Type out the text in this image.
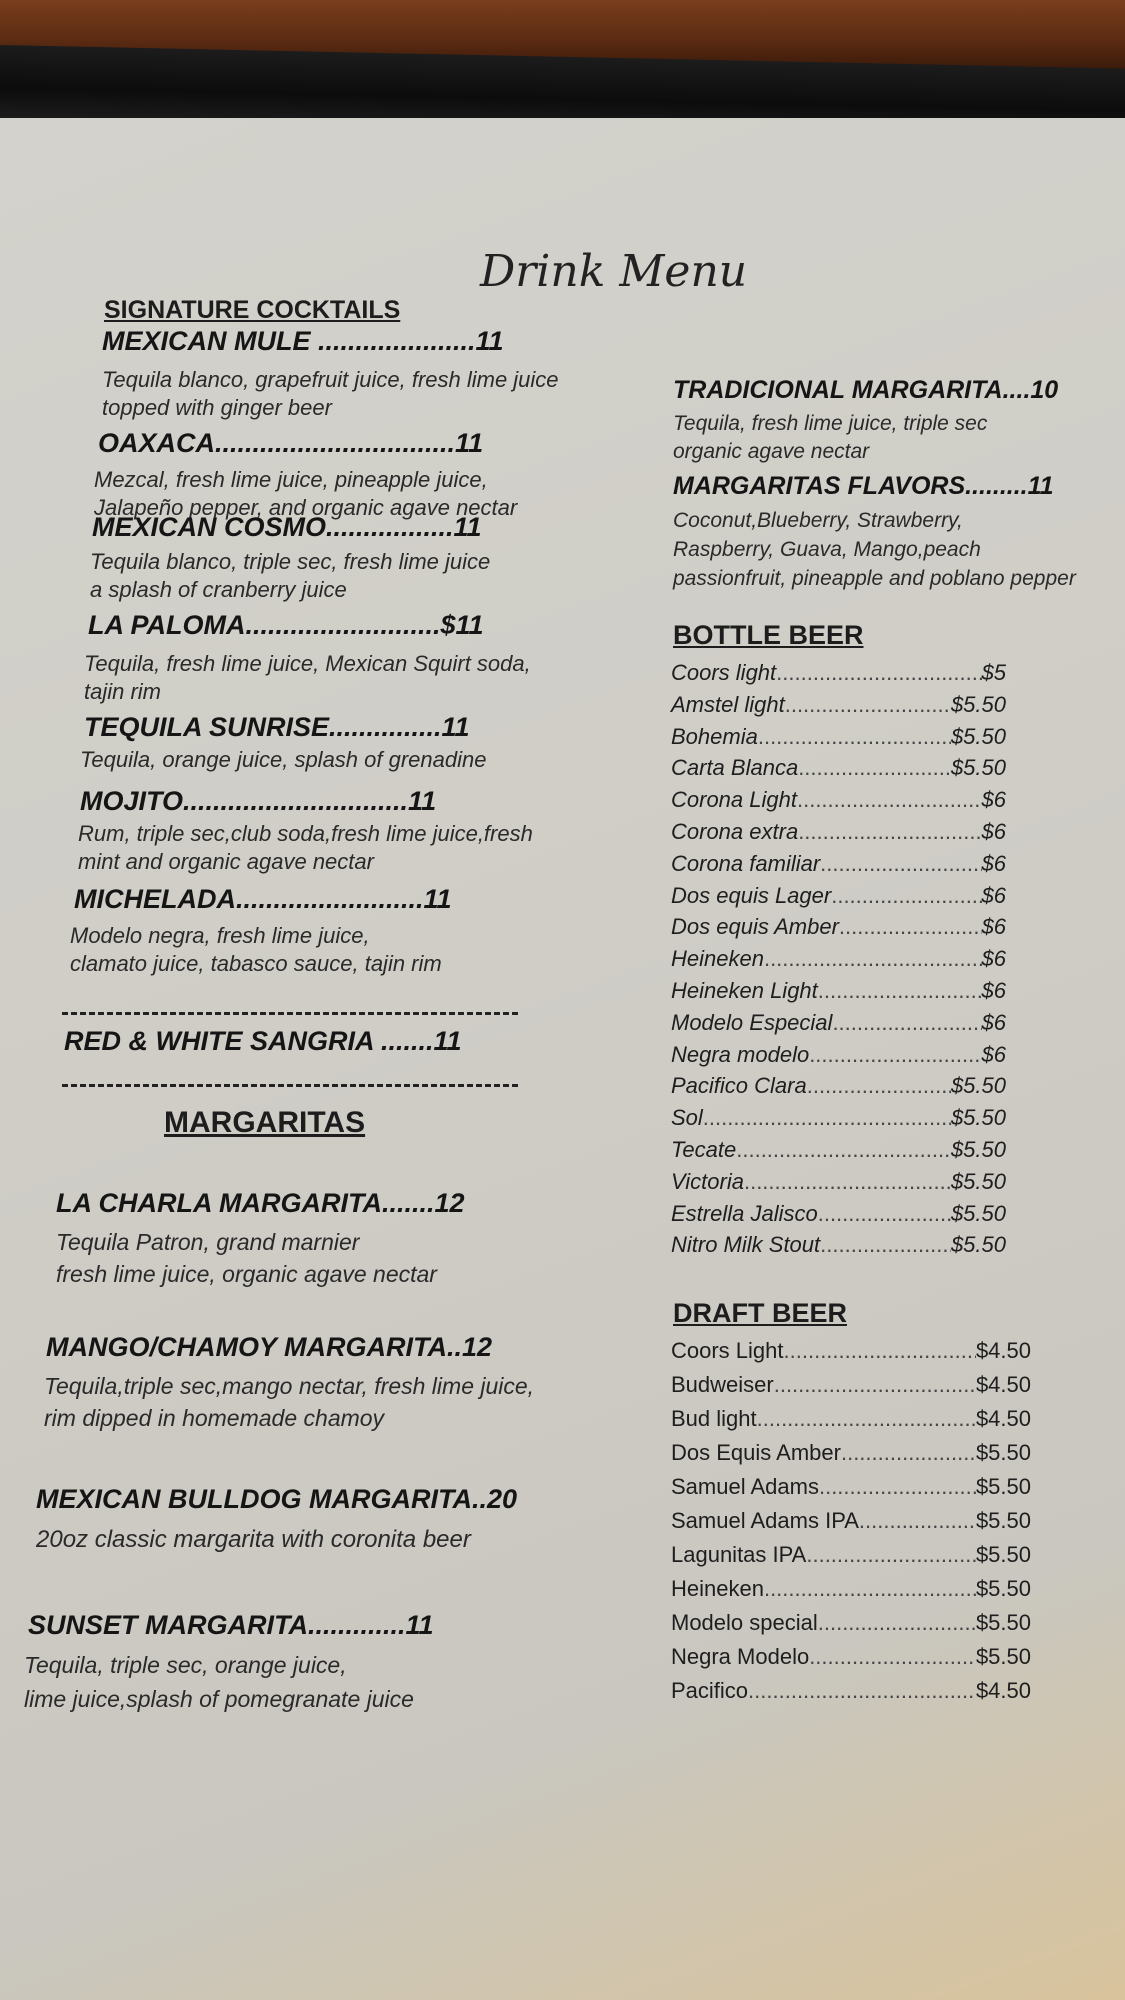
Drink Menu
SIGNATURE COCKTAILS
MEXICAN MULE .....................11
Tequila blanco, grapefruit juice, fresh lime juice
topped with ginger beer
OAXACA................................11
Mezcal, fresh lime juice, pineapple juice,
Jalapeño pepper, and organic agave nectar
MEXICAN COSMO.................11
Tequila blanco, triple sec, fresh lime juice
a splash of cranberry juice
LA PALOMA..........................$11
Tequila, fresh lime juice, Mexican Squirt soda,
tajin rim
TEQUILA SUNRISE...............11
Tequila, orange juice, splash of grenadine
MOJITO..............................11
Rum, triple sec,club soda,fresh lime juice,fresh
mint and organic agave nectar
MICHELADA.........................11
Modelo negra, fresh lime juice,
clamato juice, tabasco sauce, tajin rim
RED & WHITE SANGRIA .......11
MARGARITAS
LA CHARLA MARGARITA.......12
Tequila Patron, grand marnier
fresh lime juice, organic agave nectar
MANGO/CHAMOY MARGARITA..12
Tequila,triple sec,mango nectar, fresh lime juice,
rim dipped in homemade chamoy
MEXICAN BULLDOG MARGARITA..20
20oz classic margarita with coronita beer
SUNSET MARGARITA.............11
Tequila, triple sec, orange juice,
lime juice,splash of pomegranate juice
TRADICIONAL MARGARITA....10
Tequila, fresh lime juice, triple sec
organic agave nectar
MARGARITAS FLAVORS.........11
Coconut,Blueberry, Strawberry,
Raspberry, Guava, Mango,peach
passionfruit, pineapple and poblano pepper
BOTTLE BEER
Coors light .....	$5
Amstel light .....	$5.50
Bohemia .....	$5.50
Carta Blanca .....	$5.50
Corona Light .....	$6
Corona extra .....	$6
Corona familiar .....	$6
Dos equis Lager .....	$6
Dos equis Amber .....	$6
Heineken .....	$6
Heineken Light .....	$6
Modelo Especial .....	$6
Negra modelo .....	$6
Pacifico Clara .....	$5.50
Sol .....	$5.50
Tecate .....	$5.50
Victoria .....	$5.50
Estrella Jalisco .....	$5.50
Nitro Milk Stout .....	$5.50
DRAFT BEER
Coors Light .....	$4.50
Budweiser .....	$4.50
Bud light .....	$4.50
Dos Equis Amber .....	$5.50
Samuel Adams .....	$5.50
Samuel Adams IPA .....	$5.50
Lagunitas IPA .....	$5.50
Heineken .....	$5.50
Modelo special .....	$5.50
Negra Modelo .....	$5.50
Pacifico .....	$4.50
